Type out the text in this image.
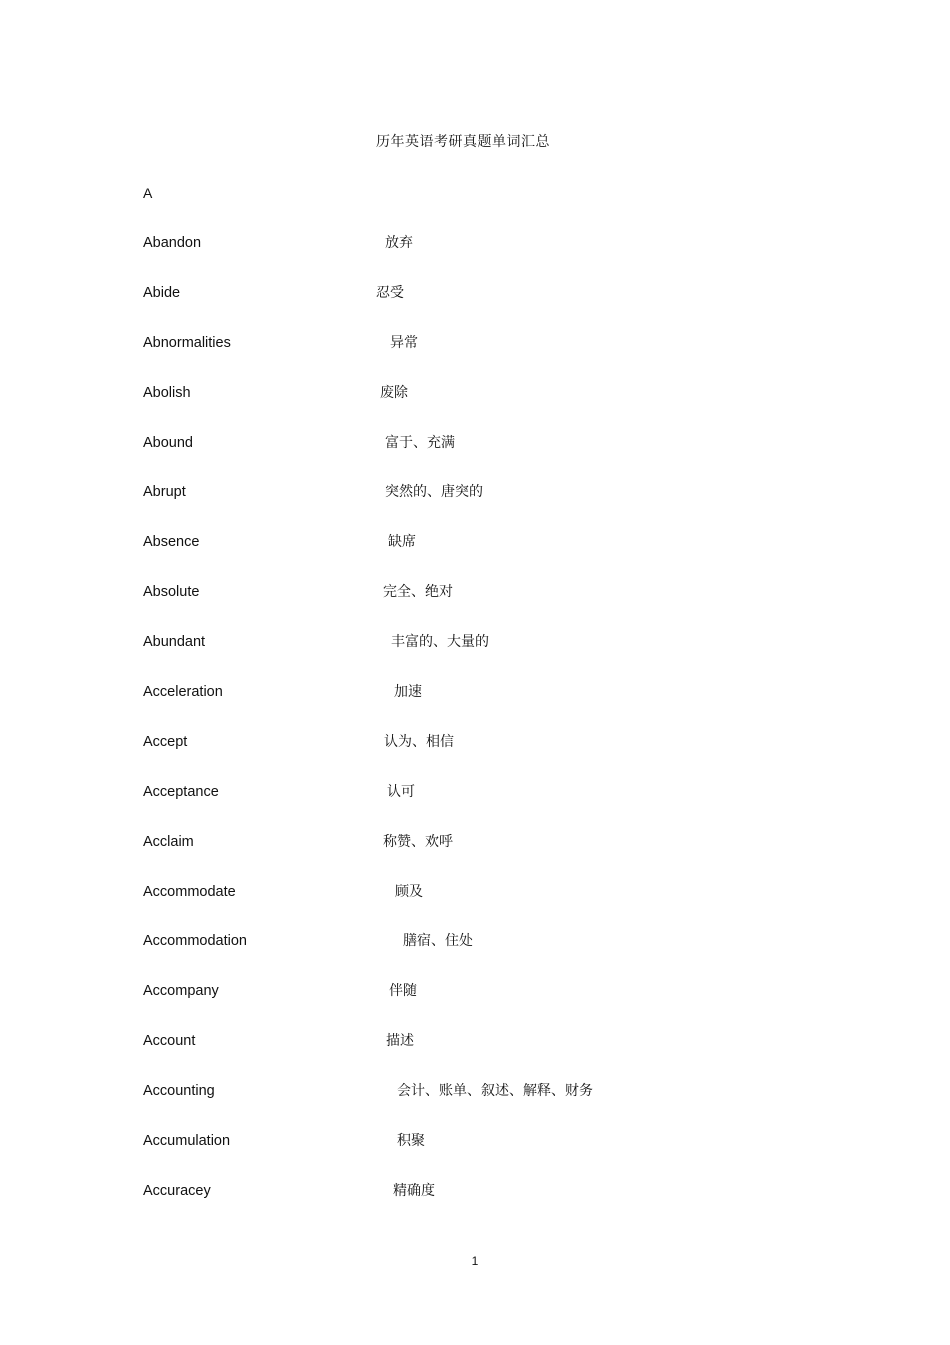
历年英语考研真题单词汇总
A
Abandon	放弃
Abide	忍受
Abnormalities	异常
Abolish	废除
Abound	富于、充满
Abrupt	突然的、唐突的
Absence	缺席
Absolute	完全、绝对
Abundant	丰富的、大量的
Acceleration	加速
Accept	认为、相信
Acceptance	认可
Acclaim	称赞、欢呼
Accommodate	顾及
Accommodation	膳宿、住处
Accompany	伴随
Account	描述
Accounting	会计、账单、叙述、解释、财务
Accumulation	积聚
Accuracey	精确度
1
